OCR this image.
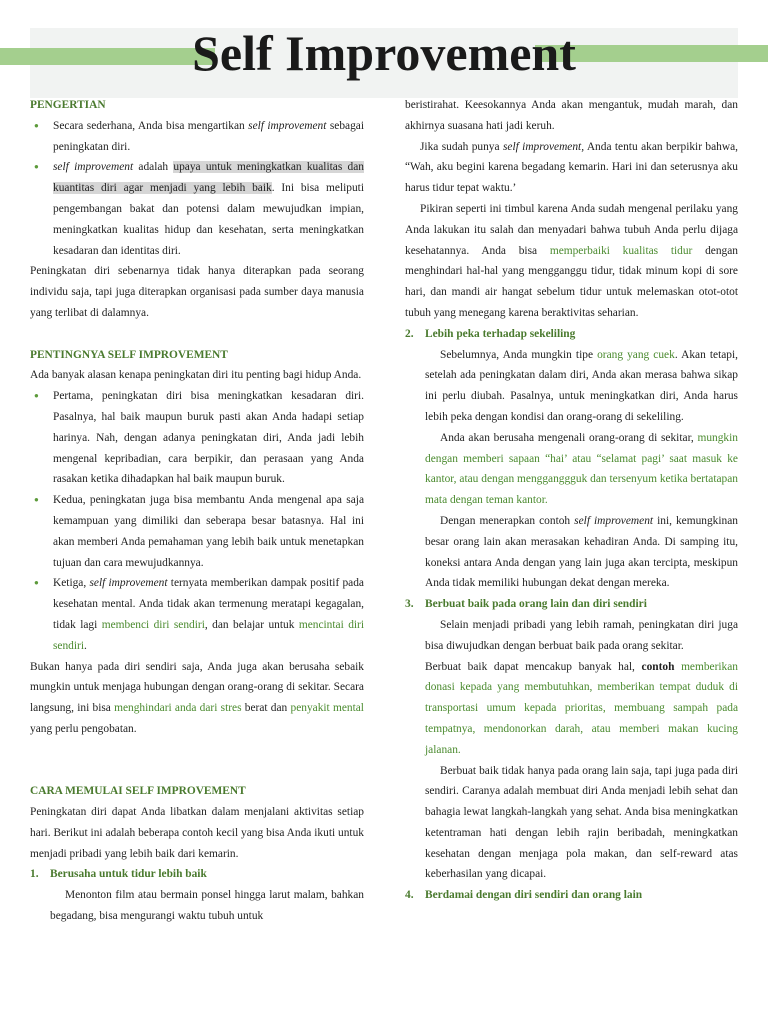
Self Improvement

PENGERTIAN

● Secara sederhana, Anda bisa mengartikan self improvement sebagai peningkatan diri.
● self improvement adalah upaya untuk meningkatkan kualitas dan kuantitas diri agar menjadi yang lebih baik. Ini bisa meliputi pengembangan bakat dan potensi dalam mewujudkan impian, meningkatkan kualitas hidup dan kesehatan, serta meningkatkan kesadaran dan identitas diri.

Peningkatan diri sebenarnya tidak hanya diterapkan pada seorang individu saja, tapi juga diterapkan organisasi pada sumber daya manusia yang terlibat di dalamnya.

PENTINGNYA SELF IMPROVEMENT

Ada banyak alasan kenapa peningkatan diri itu penting bagi hidup Anda.

● Pertama, peningkatan diri bisa meningkatkan kesadaran diri. Pasalnya, hal baik maupun buruk pasti akan Anda hadapi setiap harinya. Nah, dengan adanya peningkatan diri, Anda jadi lebih mengenal kepribadian, cara berpikir, dan perasaan yang Anda rasakan ketika dihadapkan hal baik maupun buruk.
● Kedua, peningkatan juga bisa membantu Anda mengenal apa saja kemampuan yang dimiliki dan seberapa besar batasnya. Hal ini akan memberi Anda pemahaman yang lebih baik untuk menetapkan tujuan dan cara mewujudkannya.
● Ketiga, self improvement ternyata memberikan dampak positif pada kesehatan mental. Anda tidak akan termenung meratapi kegagalan, tidak lagi membenci diri sendiri, dan belajar untuk mencintai diri sendiri.

Bukan hanya pada diri sendiri saja, Anda juga akan berusaha sebaik mungkin untuk menjaga hubungan dengan orang-orang di sekitar. Secara langsung, ini bisa menghindari anda dari stres berat dan penyakit mental yang perlu pengobatan.

CARA MEMULAI SELF IMPROVEMENT

Peningkatan diri dapat Anda libatkan dalam menjalani aktivitas setiap hari. Berikut ini adalah beberapa contoh kecil yang bisa Anda ikuti untuk menjadi pribadi yang lebih baik dari kemarin.

1. Berusaha untuk tidur lebih baik

Menonton film atau bermain ponsel hingga larut malam, bahkan begadang, bisa mengurangi waktu tubuh untuk

beristirahat. Keesokannya Anda akan mengantuk, mudah marah, dan akhirnya suasana hati jadi keruh.

Jika sudah punya self improvement, Anda tentu akan berpikir bahwa, “Wah, aku begini karena begadang kemarin. Hari ini dan seterusnya aku harus tidur tepat waktu.’

Pikiran seperti ini timbul karena Anda sudah mengenal perilaku yang Anda lakukan itu salah dan menyadari bahwa tubuh Anda perlu dijaga kesehatannya. Anda bisa memperbaiki kualitas tidur dengan menghindari hal-hal yang mengganggu tidur, tidak minum kopi di sore hari, dan mandi air hangat sebelum tidur untuk melemaskan otot-otot tubuh yang menegang karena beraktivitas seharian.

2. Lebih peka terhadap sekeliling

Sebelumnya, Anda mungkin tipe orang yang cuek. Akan tetapi, setelah ada peningkatan dalam diri, Anda akan merasa bahwa sikap ini perlu diubah. Pasalnya, untuk meningkatkan diri, Anda harus lebih peka dengan kondisi dan orang-orang di sekeliling.

Anda akan berusaha mengenali orang-orang di sekitar, mungkin dengan memberi sapaan “hai’ atau “selamat pagi’ saat masuk ke kantor, atau dengan mengganggguk dan tersenyum ketika bertatapan mata dengan teman kantor.

Dengan menerapkan contoh self improvement ini, kemungkinan besar orang lain akan merasakan kehadiran Anda. Di samping itu, koneksi antara Anda dengan yang lain juga akan tercipta, meskipun Anda tidak memiliki hubungan dekat dengan mereka.

3. Berbuat baik pada orang lain dan diri sendiri

Selain menjadi pribadi yang lebih ramah, peningkatan diri juga bisa diwujudkan dengan berbuat baik pada orang sekitar.

Berbuat baik dapat mencakup banyak hal, contoh memberikan donasi kepada yang membutuhkan, memberikan tempat duduk di transportasi umum kepada prioritas, membuang sampah pada tempatnya, mendonorkan darah, atau memberi makan kucing jalanan.

Berbuat baik tidak hanya pada orang lain saja, tapi juga pada diri sendiri. Caranya adalah membuat diri Anda menjadi lebih sehat dan bahagia lewat langkah-langkah yang sehat. Anda bisa meningkatkan ketentraman hati dengan lebih rajin beribadah, meningkatkan kesehatan dengan menjaga pola makan, dan self-reward atas keberhasilan yang dicapai.

4. Berdamai dengan diri sendiri dan orang lain
